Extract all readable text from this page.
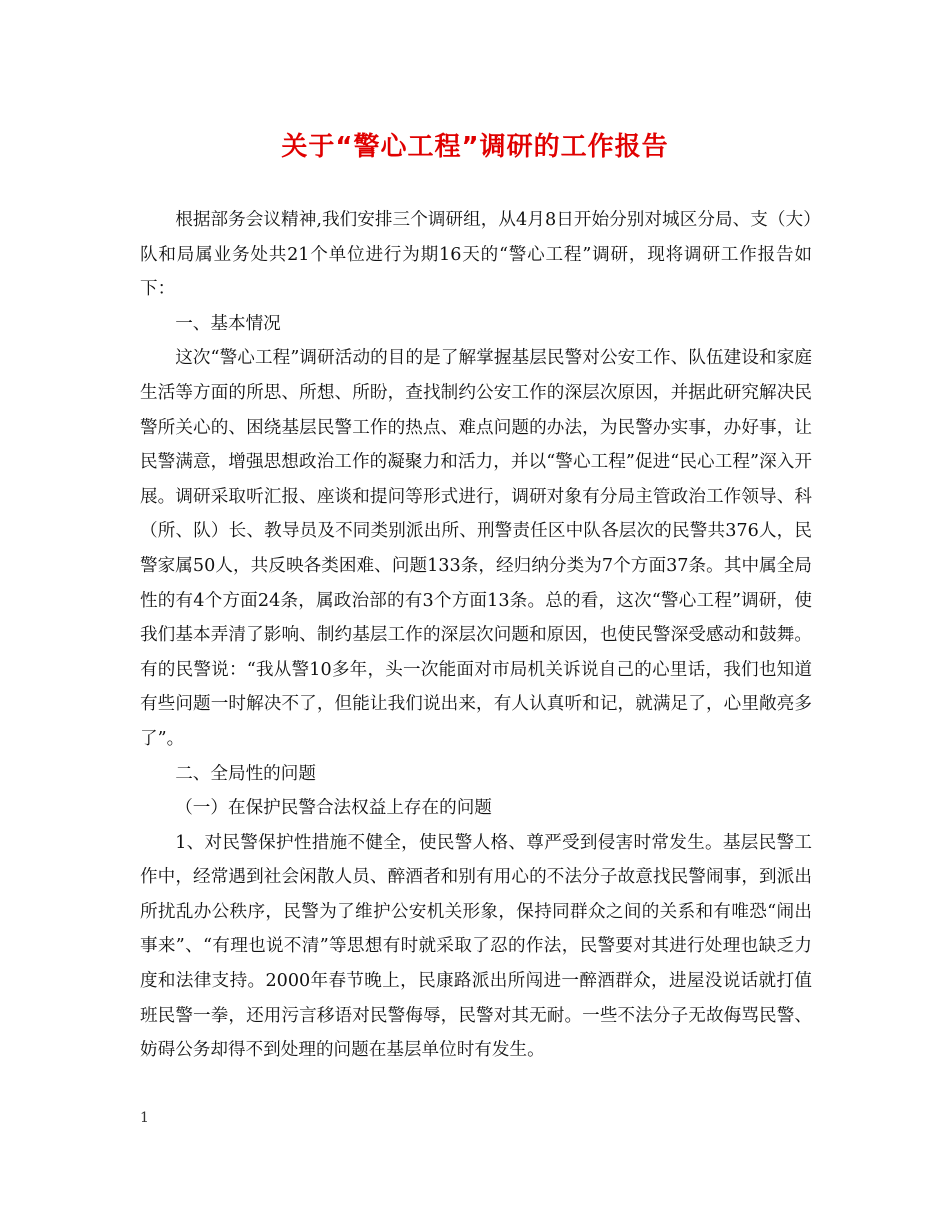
关于“警心工程”调研的工作报告

根据部务会议精神,我们安排三个调研组，从4月8日开始分别对城区分局、支（大）队和局属业务处共21个单位进行为期16天的“警心工程”调研，现将调研工作报告如下：

一、基本情况

这次“警心工程”调研活动的目的是了解掌握基层民警对公安工作、队伍建设和家庭生活等方面的所思、所想、所盼，查找制约公安工作的深层次原因，并据此研究解决民警所关心的、困绕基层民警工作的热点、难点问题的办法，为民警办实事，办好事，让民警满意，增强思想政治工作的凝聚力和活力，并以“警心工程”促进“民心工程”深入开展。调研采取听汇报、座谈和提问等形式进行，调研对象有分局主管政治工作领导、科（所、队）长、教导员及不同类别派出所、刑警责任区中队各层次的民警共376人，民警家属50人，共反映各类困难、问题133条，经归纳分类为7个方面37条。其中属全局性的有4个方面24条，属政治部的有3个方面13条。总的看，这次“警心工程”调研，使我们基本弄清了影响、制约基层工作的深层次问题和原因，也使民警深受感动和鼓舞。有的民警说：“我从警10多年，头一次能面对市局机关诉说自己的心里话，我们也知道有些问题一时解决不了，但能让我们说出来，有人认真听和记，就满足了，心里敞亮多了”。

二、全局性的问题

（一）在保护民警合法权益上存在的问题

1、对民警保护性措施不健全，使民警人格、尊严受到侵害时常发生。基层民警工作中，经常遇到社会闲散人员、醉酒者和别有用心的不法分子故意找民警闹事，到派出所扰乱办公秩序，民警为了维护公安机关形象，保持同群众之间的关系和有唯恐“闹出事来”、“有理也说不清”等思想有时就采取了忍的作法，民警要对其进行处理也缺乏力度和法律支持。2000年春节晚上，民康路派出所闯进一醉酒群众，进屋没说话就打值班民警一拳，还用污言移语对民警侮辱，民警对其无耐。一些不法分子无故侮骂民警、妨碍公务却得不到处理的问题在基层单位时有发生。

1
